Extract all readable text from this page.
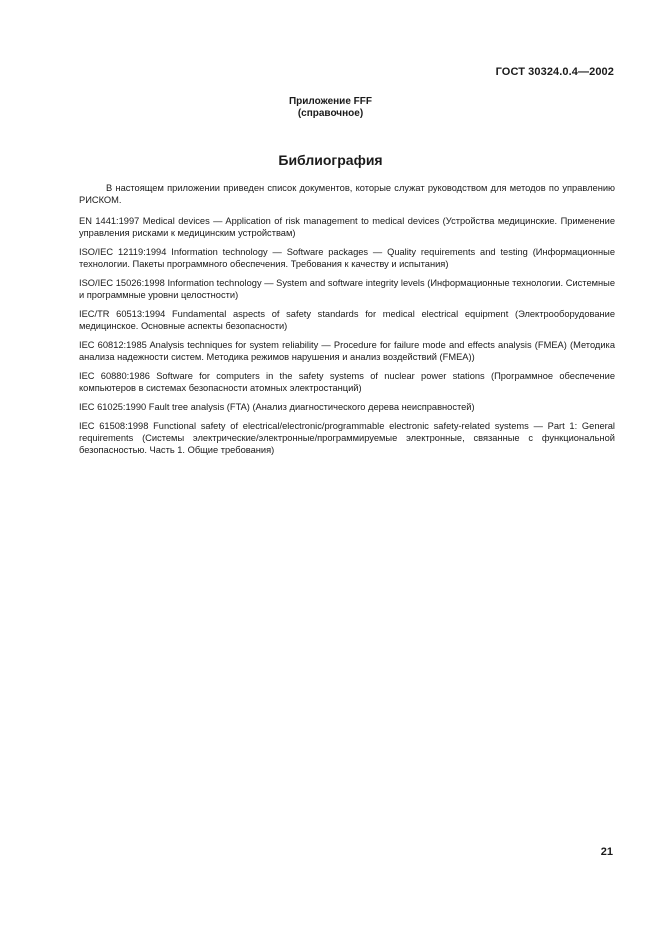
ГОСТ 30324.0.4—2002
Приложение FFF
(справочное)
Библиография

В настоящем приложении приведен список документов, которые служат руководством для методов по управлению РИСКОМ.

EN 1441:1997 Medical devices — Application of risk management to medical devices (Устройства медицинские. Применение управления рисками к медицинским устройствам)

ISO/IEC 12119:1994 Information technology — Software packages — Quality requirements and testing (Информационные технологии. Пакеты программного обеспечения. Требования к качеству и испытания)

ISO/IEC 15026:1998 Information technology — System and software integrity levels (Информационные технологии. Системные и программные уровни целостности)

IEC/TR 60513:1994 Fundamental aspects of safety standards for medical electrical equipment (Электрооборудование медицинское. Основные аспекты безопасности)

IEC 60812:1985 Analysis techniques for system reliability — Procedure for failure mode and effects analysis (FMEA) (Методика анализа надежности систем. Методика режимов нарушения и анализ воздействий (FMEA))

IEC 60880:1986 Software for computers in the safety systems of nuclear power stations (Программное обеспечение компьютеров в системах безопасности атомных электростанций)

IEC 61025:1990 Fault tree analysis (FTA) (Анализ диагностического дерева неисправностей)

IEC 61508:1998 Functional safety of electrical/electronic/programmable electronic safety-related systems — Part 1: General requirements (Системы электрические/электронные/программируемые электронные, связанные с функциональной безопасностью. Часть 1. Общие требования)

21
